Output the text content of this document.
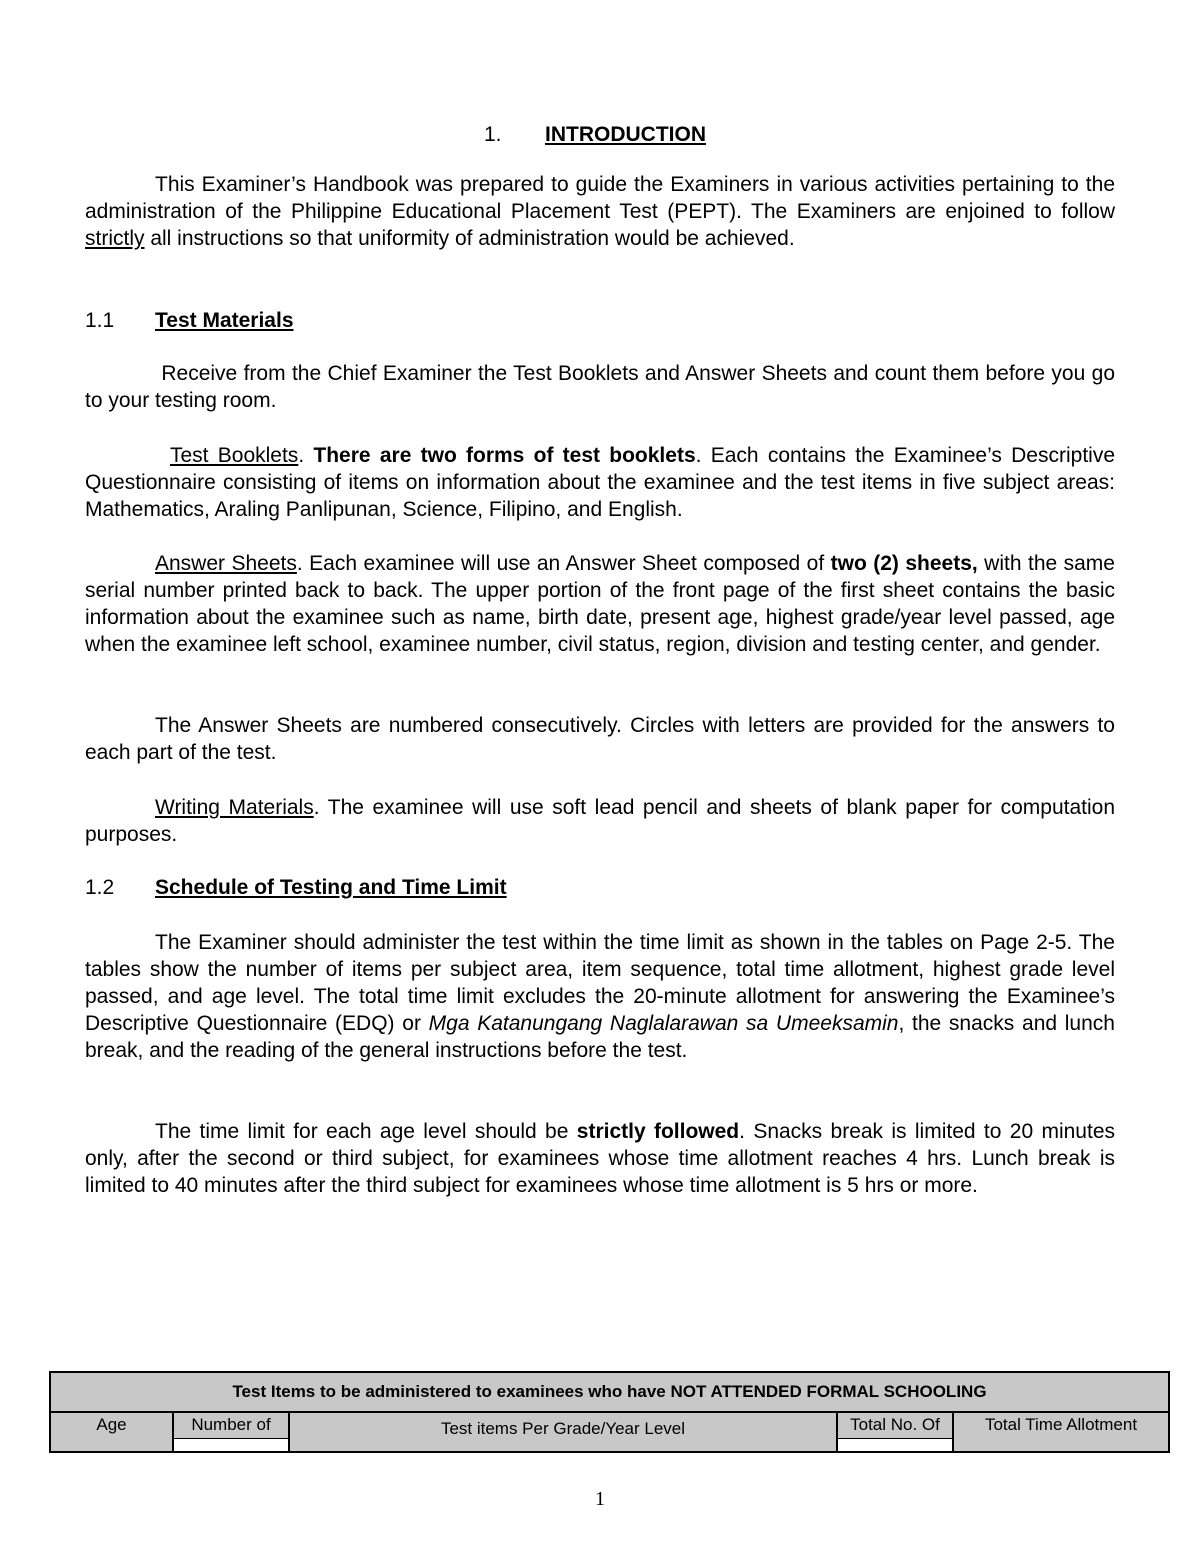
1. INTRODUCTION

This Examiner’s Handbook was prepared to guide the Examiners in various activities pertaining to the administration of the Philippine Educational Placement Test (PEPT). The Examiners are enjoined to follow strictly all instructions so that uniformity of administration would be achieved.

1.1 Test Materials

Receive from the Chief Examiner the Test Booklets and Answer Sheets and count them before you go to your testing room.

Test Booklets. There are two forms of test booklets. Each contains the Examinee’s Descriptive Questionnaire consisting of items on information about the examinee and the test items in five subject areas: Mathematics, Araling Panlipunan, Science, Filipino, and English.

Answer Sheets. Each examinee will use an Answer Sheet composed of two (2) sheets, with the same serial number printed back to back. The upper portion of the front page of the first sheet contains the basic information about the examinee such as name, birth date, present age, highest grade/year level passed, age when the examinee left school, examinee number, civil status, region, division and testing center, and gender.

The Answer Sheets are numbered consecutively. Circles with letters are provided for the answers to each part of the test.

Writing Materials. The examinee will use soft lead pencil and sheets of blank paper for computation purposes.

1.2 Schedule of Testing and Time Limit

The Examiner should administer the test within the time limit as shown in the tables on Page 2-5. The tables show the number of items per subject area, item sequence, total time allotment, highest grade level passed, and age level. The total time limit excludes the 20-minute allotment for answering the Examinee’s Descriptive Questionnaire (EDQ) or Mga Katanungang Naglalarawan sa Umeeksamin, the snacks and lunch break, and the reading of the general instructions before the test.

The time limit for each age level should be strictly followed. Snacks break is limited to 20 minutes only, after the second or third subject, for examinees whose time allotment reaches 4 hrs. Lunch break is limited to 40 minutes after the third subject for examinees whose time allotment is 5 hrs or more.

Test Items to be administered to examinees who have NOT ATTENDED FORMAL SCHOOLING

Age	Number of	Test items Per Grade/Year Level	Total No. Of	Total Time Allotment
1
